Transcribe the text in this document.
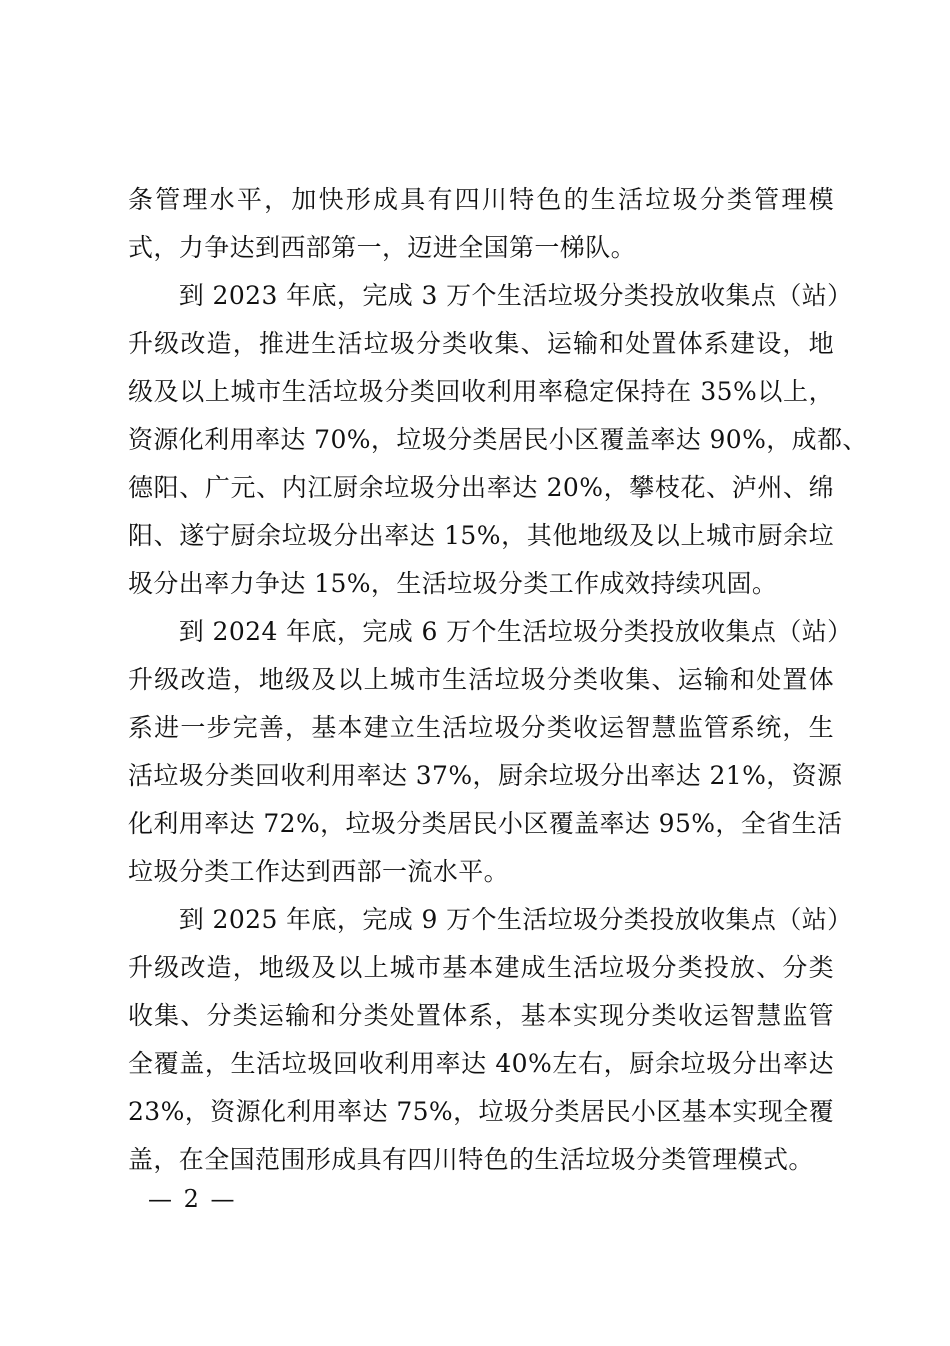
条管理水平，加快形成具有四川特色的生活垃圾分类管理模
式，力争达到西部第一，迈进全国第一梯队。
　　到 2023 年底，完成 3 万个生活垃圾分类投放收集点（站）
升级改造，推进生活垃圾分类收集、运输和处置体系建设，地
级及以上城市生活垃圾分类回收利用率稳定保持在 35%以上，
资源化利用率达 70%，垃圾分类居民小区覆盖率达 90%，成都、
德阳、广元、内江厨余垃圾分出率达 20%，攀枝花、泸州、绵
阳、遂宁厨余垃圾分出率达 15%，其他地级及以上城市厨余垃
圾分出率力争达 15%，生活垃圾分类工作成效持续巩固。
　　到 2024 年底，完成 6 万个生活垃圾分类投放收集点（站）
升级改造，地级及以上城市生活垃圾分类收集、运输和处置体
系进一步完善，基本建立生活垃圾分类收运智慧监管系统，生
活垃圾分类回收利用率达 37%，厨余垃圾分出率达 21%，资源
化利用率达 72%，垃圾分类居民小区覆盖率达 95%，全省生活
垃圾分类工作达到西部一流水平。
　　到 2025 年底，完成 9 万个生活垃圾分类投放收集点（站）
升级改造，地级及以上城市基本建成生活垃圾分类投放、分类
收集、分类运输和分类处置体系，基本实现分类收运智慧监管
全覆盖，生活垃圾回收利用率达 40%左右，厨余垃圾分出率达
23%，资源化利用率达 75%，垃圾分类居民小区基本实现全覆
盖，在全国范围形成具有四川特色的生活垃圾分类管理模式。
— 2 —
